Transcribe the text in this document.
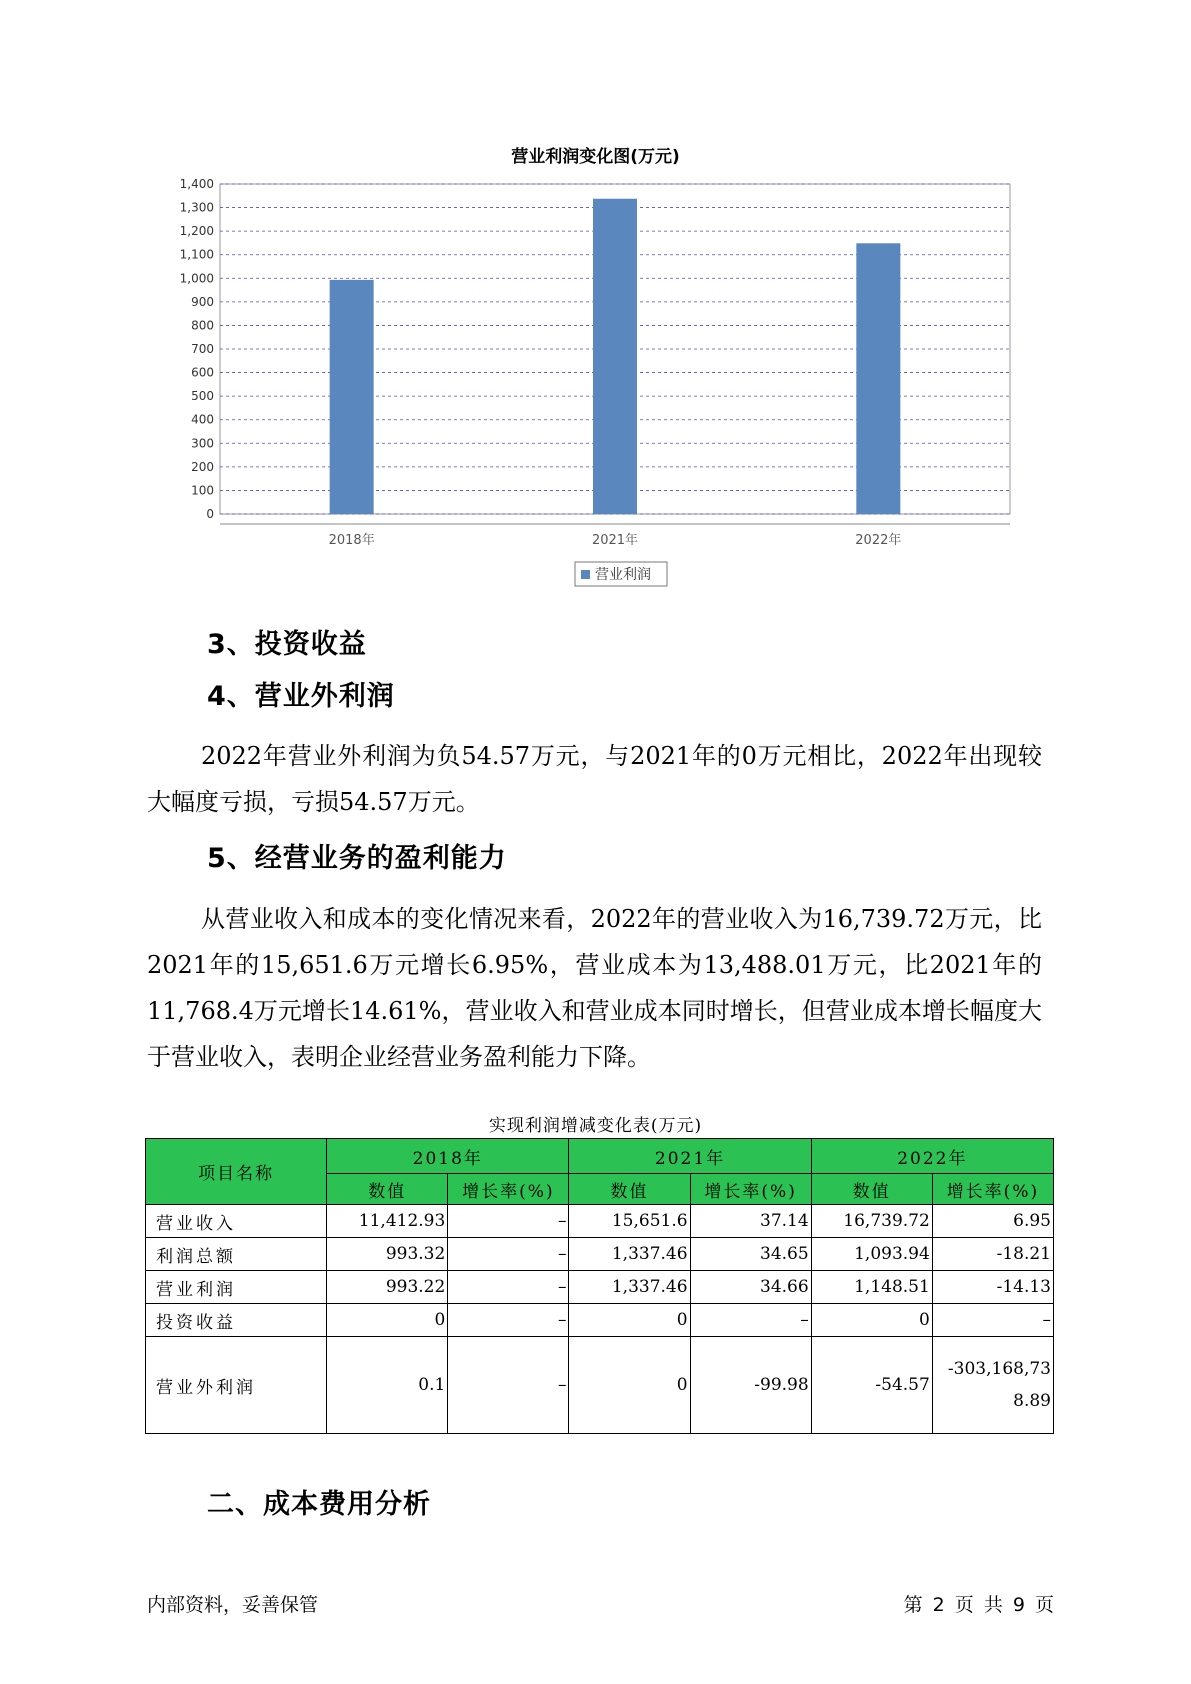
营业利润变化图(万元)
0
100
200
300
400
500
600
700
800
900
1,000
1,100
1,200
1,300
1,400
2018年	2021年	2022年
营业利润
3、投资收益
4、营业外利润
2022年营业外利润为负54.57万元，与2021年的0万元相比，2022年出现较大幅度亏损，亏损54.57万元。
5、经营业务的盈利能力
从营业收入和成本的变化情况来看，2022年的营业收入为16,739.72万元，比2021年的15,651.6万元增长6.95%，营业成本为13,488.01万元，比2021年的11,768.4万元增长14.61%，营业收入和营业成本同时增长，但营业成本增长幅度大于营业收入，表明企业经营业务盈利能力下降。
实现利润增减变化表(万元)
项目名称	2018年		2021年		2022年	
	数值	增长率(%)	数值	增长率(%)	数值	增长率(%)
营业收入	11,412.93	–	15,651.6	37.14	16,739.72	6.95
利润总额	993.32	–	1,337.46	34.65	1,093.94	-18.21
营业利润	993.22	–	1,337.46	34.66	1,148.51	-14.13
投资收益	0	–	0	–	0	–
营业外利润	0.1	–	0	-99.98	-54.57	-303,168,738.89
二、成本费用分析
内部资料，妥善保管	第 2 页 共 9 页
